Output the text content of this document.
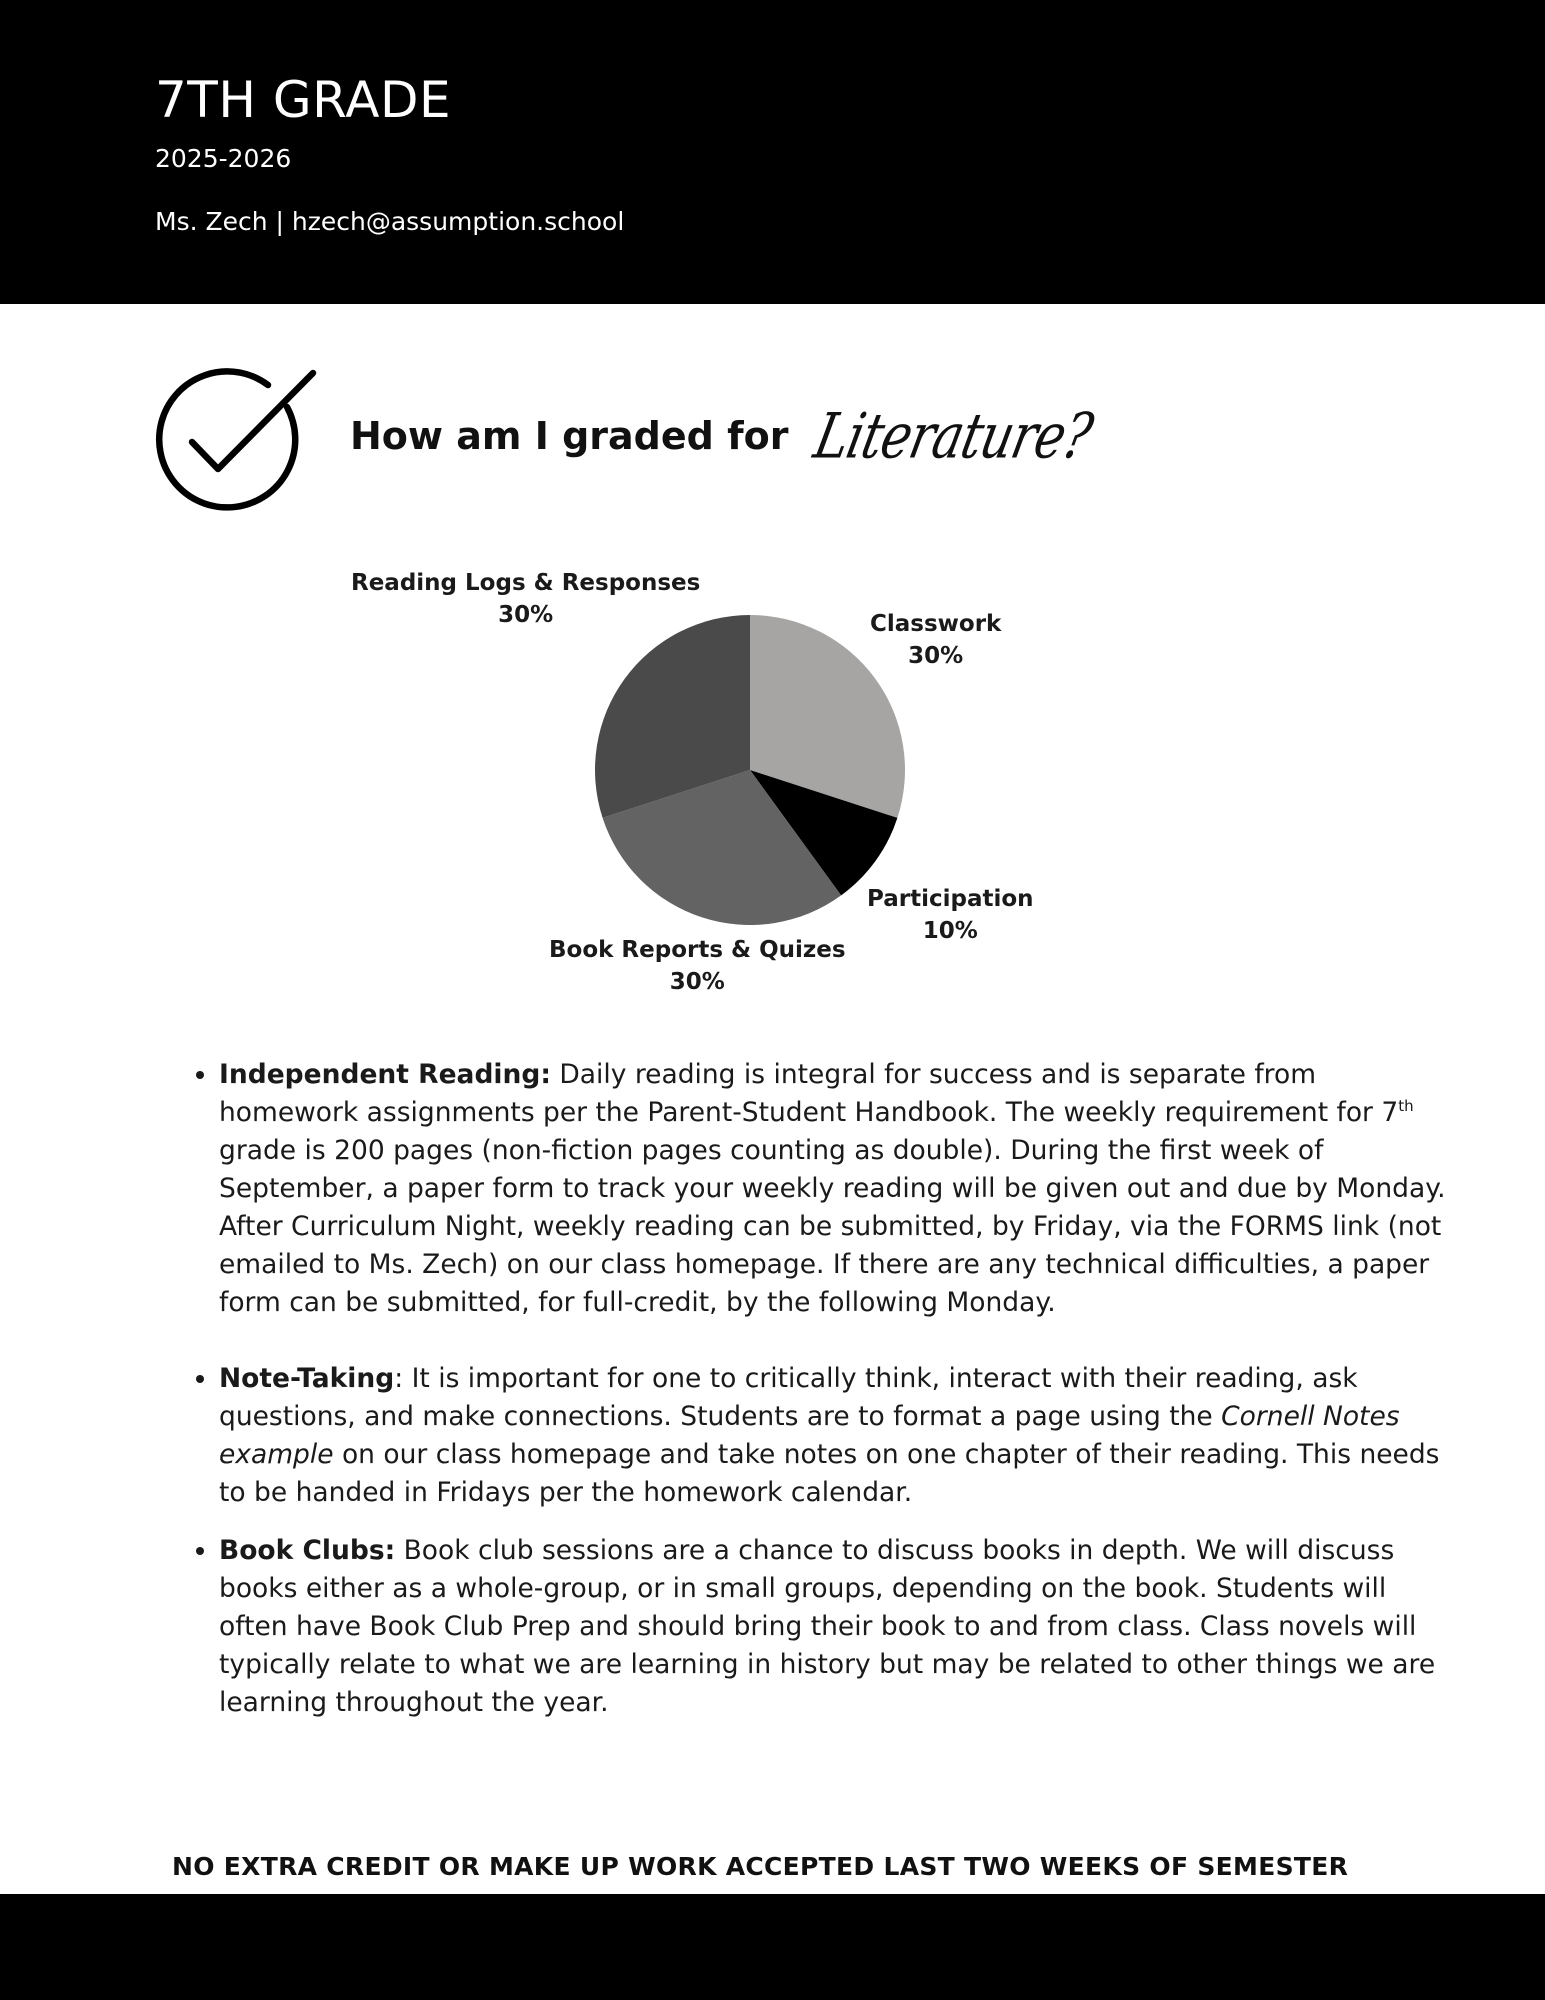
7TH GRADE
2025-2026
Ms. Zech | hzech@assumption.school
How am I graded for Literature?
Classwork
30%
Participation
10%
Book Reports & Quizes
30%
Reading Logs & Responses
30%
• Independent Reading: Daily reading is integral for success and is separate from homework assignments per the Parent-Student Handbook. The weekly requirement for 7th grade is 200 pages (non-fiction pages counting as double). During the first week of September, a paper form to track your weekly reading will be given out and due by Monday. After Curriculum Night, weekly reading can be submitted, by Friday, via the FORMS link (not emailed to Ms. Zech) on our class homepage. If there are any technical difficulties, a paper form can be submitted, for full-credit, by the following Monday.
• Note-Taking: It is important for one to critically think, interact with their reading, ask questions, and make connections. Students are to format a page using the Cornell Notes example on our class homepage and take notes on one chapter of their reading. This needs to be handed in Fridays per the homework calendar.
• Book Clubs: Book club sessions are a chance to discuss books in depth. We will discuss books either as a whole-group, or in small groups, depending on the book. Students will often have Book Club Prep and should bring their book to and from class. Class novels will typically relate to what we are learning in history but may be related to other things we are learning throughout the year.
NO EXTRA CREDIT OR MAKE UP WORK ACCEPTED LAST TWO WEEKS OF SEMESTER
